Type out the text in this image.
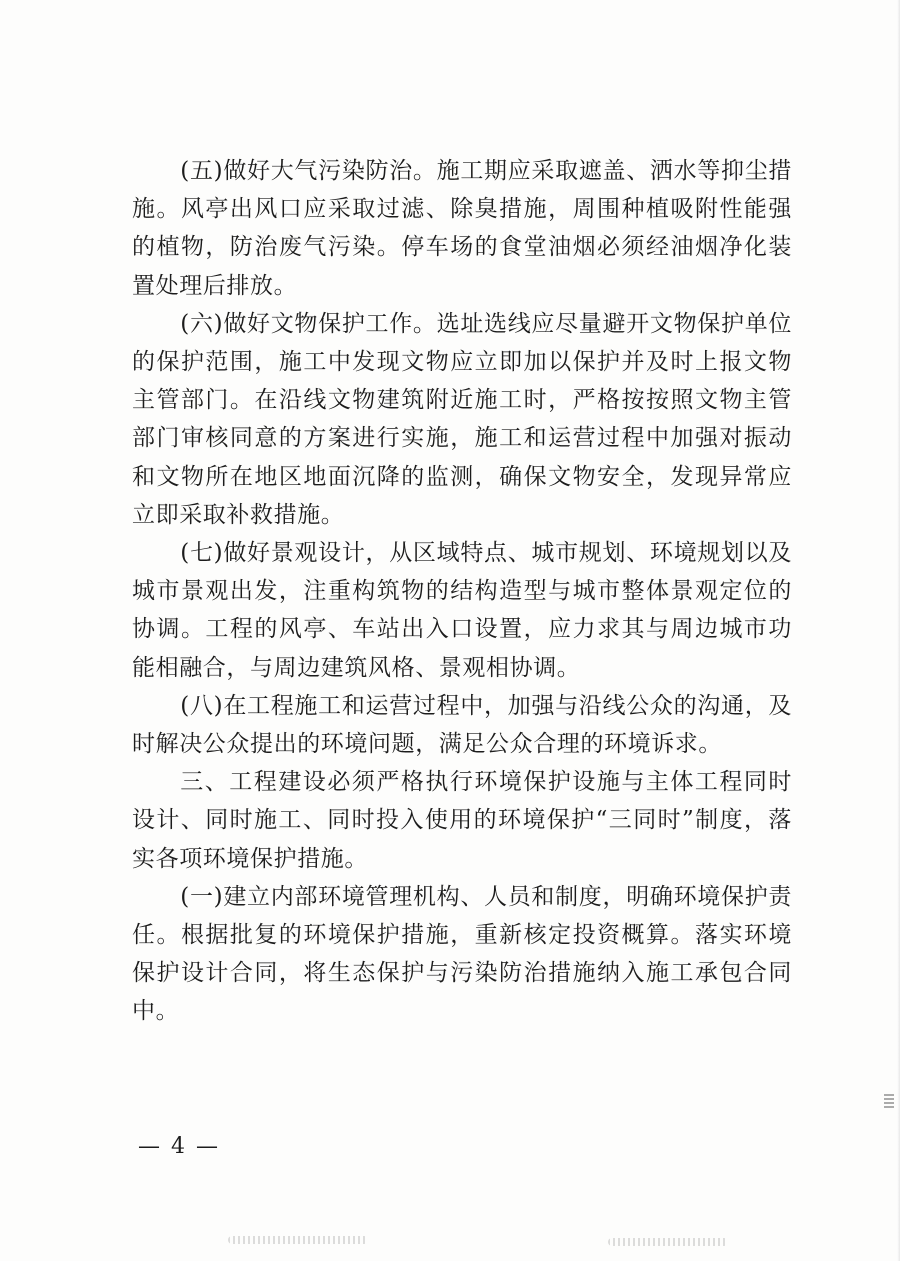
(五)做好大气污染防治。施工期应采取遮盖、洒水等抑尘措施。风亭出风口应采取过滤、除臭措施，周围种植吸附性能强的植物，防治废气污染。停车场的食堂油烟必须经油烟净化装置处理后排放。

(六)做好文物保护工作。选址选线应尽量避开文物保护单位的保护范围，施工中发现文物应立即加以保护并及时上报文物主管部门。在沿线文物建筑附近施工时，严格按按照文物主管部门审核同意的方案进行实施，施工和运营过程中加强对振动和文物所在地区地面沉降的监测，确保文物安全，发现异常应立即采取补救措施。

(七)做好景观设计，从区域特点、城市规划、环境规划以及城市景观出发，注重构筑物的结构造型与城市整体景观定位的协调。工程的风亭、车站出入口设置，应力求其与周边城市功能相融合，与周边建筑风格、景观相协调。

(八)在工程施工和运营过程中，加强与沿线公众的沟通，及时解决公众提出的环境问题，满足公众合理的环境诉求。

三、工程建设必须严格执行环境保护设施与主体工程同时设计、同时施工、同时投入使用的环境保护“三同时”制度，落实各项环境保护措施。

(一)建立内部环境管理机构、人员和制度，明确环境保护责任。根据批复的环境保护措施，重新核定投资概算。落实环境保护设计合同，将生态保护与污染防治措施纳入施工承包合同中。

— 4 —
